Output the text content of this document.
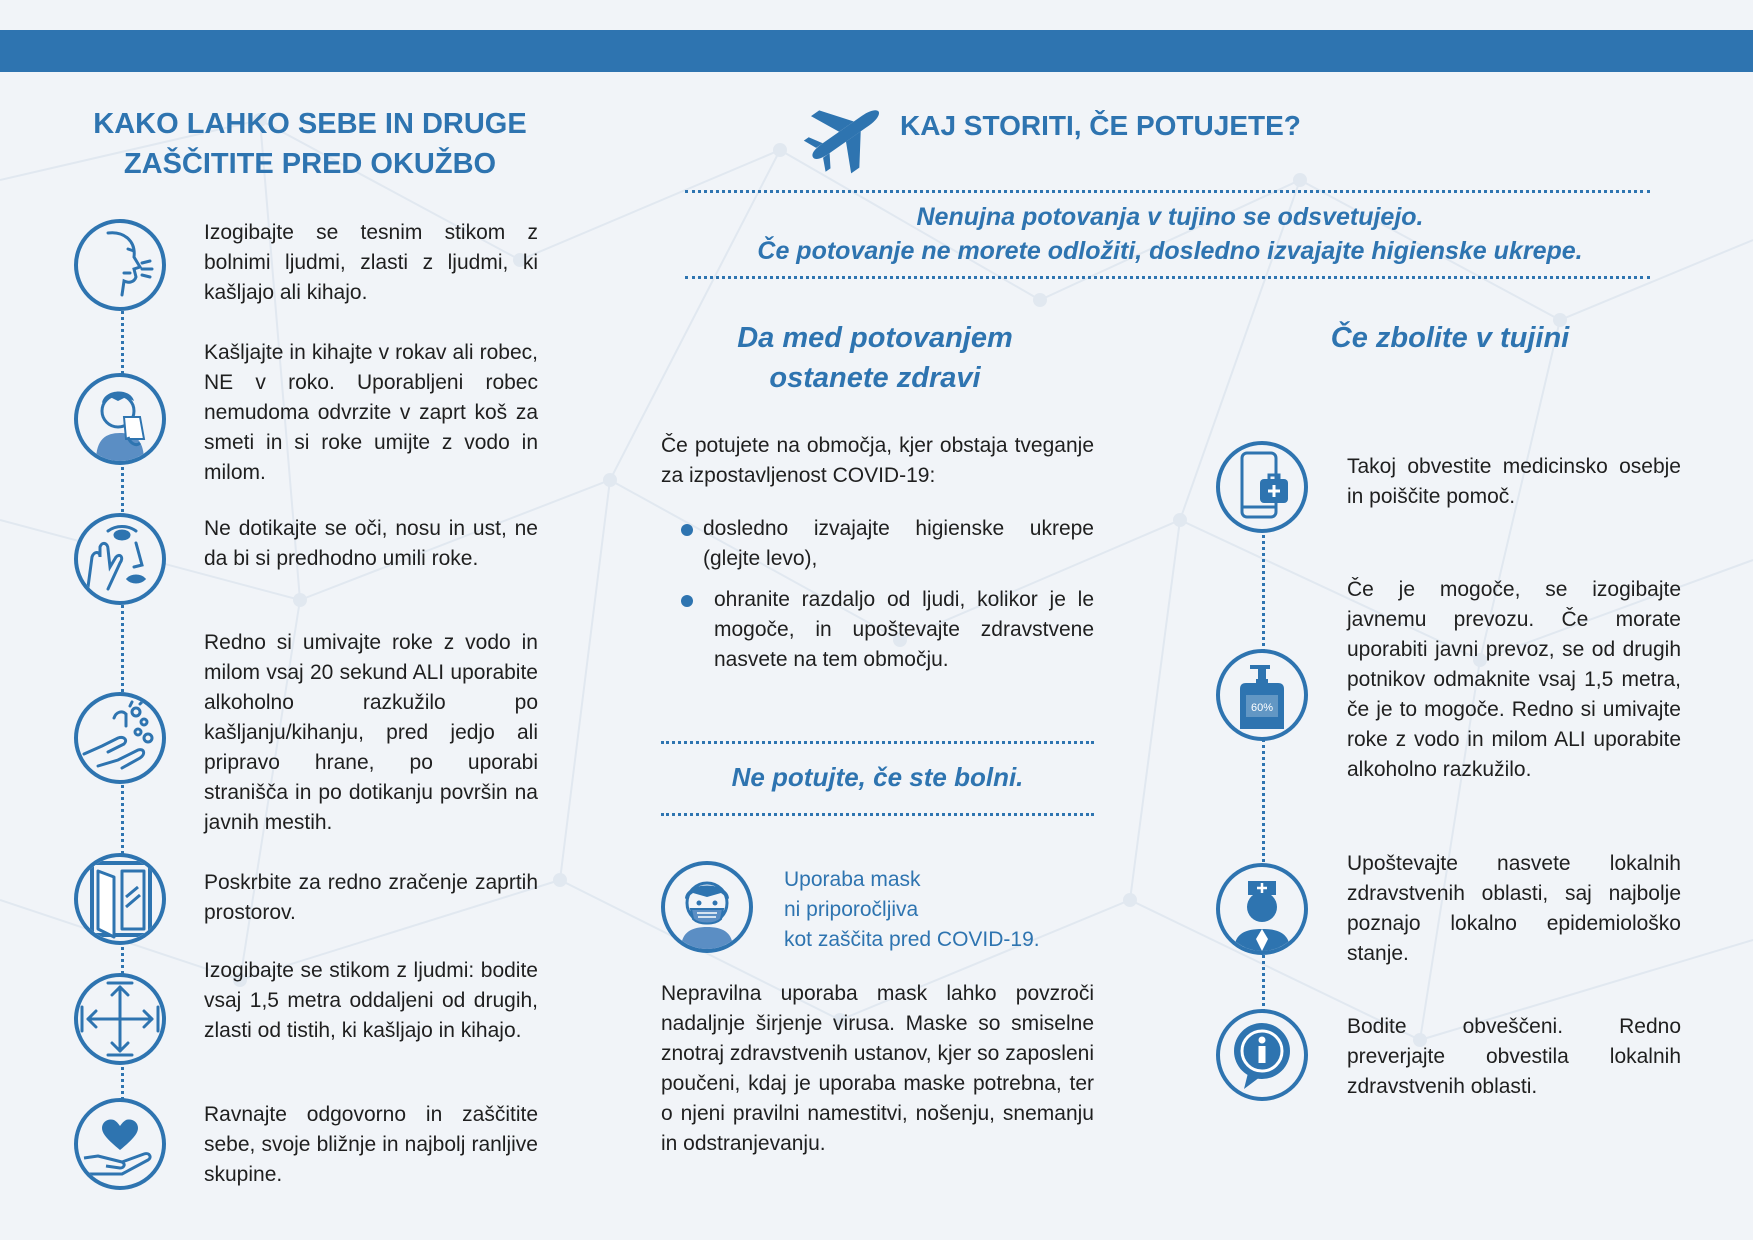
KAKO LAHKO SEBE IN DRUGE
ZAŠČITITE PRED OKUŽBO
Izogibajte se tesnim stikom z bolnimi ljudmi, zlasti z ljudmi, ki kašljajo ali kihajo.
Kašljajte in kihajte v rokav ali robec, NE v roko. Uporabljeni robec nemudoma odvrzite v zaprt koš za smeti in si roke umijte z vodo in milom.
Ne dotikajte se oči, nosu in ust, ne da bi si predhodno umili roke.
Redno si umivajte roke z vodo in milom vsaj 20 sekund ALI uporabite alkoholno razkužilo po kašljanju/kihanju, pred jedjo ali pripravo hrane, po uporabi stranišča in po dotikanju površin na javnih mestih.
Poskrbite za redno zračenje zaprtih prostorov.
Izogibajte se stikom z ljudmi: bodite vsaj 1,5 metra oddaljeni od drugih, zlasti od tistih, ki kašljajo in kihajo.
Ravnajte odgovorno in zaščitite sebe, svoje bližnje in najbolj ranljive skupine.
KAJ STORITI, ČE POTUJETE?
Nenujna potovanja v tujino se odsvetujejo.
Če potovanje ne morete odložiti, dosledno izvajajte higienske ukrepe.
Da med potovanjem
ostanete zdravi
Če potujete na območja, kjer obstaja tveganje za izpostavljenost COVID-19:
dosledno izvajajte higienske ukrepe (glejte levo),
ohranite razdaljo od ljudi, kolikor je le mogoče, in upoštevajte zdravstvene nasvete na tem območju.
Ne potujte, če ste bolni.
Uporaba mask
ni priporočljiva
kot zaščita pred COVID-19.
Nepravilna uporaba mask lahko povzroči nadaljnje širjenje virusa. Maske so smiselne znotraj zdravstvenih ustanov, kjer so zaposleni poučeni, kdaj je uporaba maske potrebna, ter o njeni pravilni namestitvi, nošenju, snemanju in odstranjevanju.
Če zbolite v tujini
Takoj obvestite medicinsko osebje in poiščite pomoč.
60%
Če je mogoče, se izogibajte javnemu prevozu. Če morate uporabiti javni prevoz, se od drugih potnikov odmaknite vsaj 1,5 metra, če je to mogoče. Redno si umivajte roke z vodo in milom ALI uporabite alkoholno razkužilo.
Upoštevajte nasvete lokalnih zdravstvenih oblasti, saj najbolje poznajo lokalno epidemiološko stanje.
Bodite obveščeni. Redno preverjajte obvestila lokalnih zdravstvenih oblasti.
